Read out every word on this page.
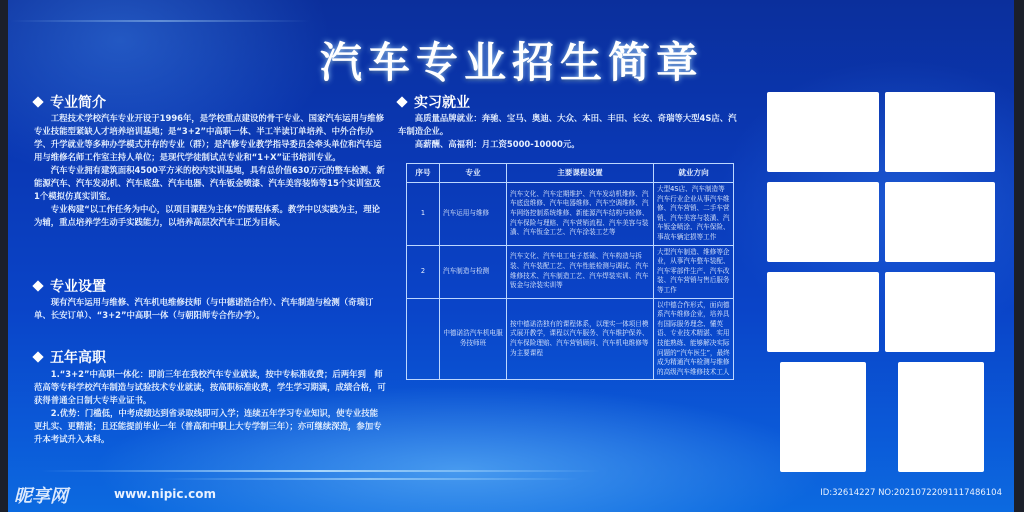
汽车专业招生简章
专业简介

工程技术学校汽车专业开设于1996年，是学校重点建设的骨干专业、国家汽车运用与维修专业技能型紧缺人才培养培训基地；是“3+2”中高职一体、半工半读订单培养、中外合作办学、升学就业等多种办学模式并存的专业（群）；是汽修专业教学指导委员会牵头单位和汽车运用与维修名师工作室主持人单位；是现代学徒制试点专业和“1+X”证书培训专业。

汽车专业拥有建筑面积4500平方米的校内实训基地，具有总价值630万元的整车检测、新能源汽车、汽车发动机、汽车底盘、汽车电器、汽车钣金喷漆、汽车美容装饰等15个实训室及1个模拟仿真实训室。

专业构建“以工作任务为中心，以项目课程为主体”的课程体系。教学中以实践为主，理论为辅，重点培养学生动手实践能力，以培养高层次汽车工匠为目标。

专业设置

现有汽车运用与维修、汽车机电维修技师（与中德诺浩合作）、汽车制造与检测（奇瑞订单、长安订单）、“3+2”中高职一体（与朝阳师专合作办学）。

五年高职

1.“3+2”中高职一体化：即前三年在我校汽车专业就读，按中专标准收费；后两年到　师范高等专科学校汽车制造与试验技术专业就读，按高职标准收费，学生学习期满，成绩合格，可获得普通全日制大专毕业证书。

2.优势：门槛低，中考成绩达到省录取线即可入学；连续五年学习专业知识，使专业技能更扎实、更精湛；且还能提前毕业一年（普高和中职上大专学制三年）；亦可继续深造，参加专升本考试升入本科。

实习就业

高质量品牌就业：奔驰、宝马、奥迪、大众、本田、丰田、长安、奇瑞等大型4S店、汽车制造企业。

高薪酬、高福利：月工资5000-10000元。

序号	专业	主要课程设置	就业方向
1	汽车运用与维修	汽车文化、汽车定期维护、汽车发动机维修、汽车底盘维修、汽车电器维修、汽车空调维修、汽车网络控制系统维修、新能源汽车结构与检修、汽车保险与理赔、汽车营销流程、汽车美容与装潢、汽车钣金工艺、汽车涂装工艺等	大型4S店、汽车制造等汽车行业企业从事汽车维修、汽车营销、二手车营销、汽车美容与装潢、汽车钣金喷涂、汽车保险、事故车辆定损等工作
2	汽车制造与检测	汽车文化、汽车电工电子基础、汽车构造与拆装、汽车装配工艺、汽车性能检测与调试、汽车维修技术、汽车制造工艺、汽车焊装实训、汽车钣金与涂装实训等	大型汽车制造、维修等企业，从事汽车整车装配、汽车零部件生产、汽车改装、汽车营销与售后服务等工作
	中德诺浩汽车机电服务技师班	按中德诺浩独有的课程体系，以理实一体项目模式展开教学，课程以汽车服务、汽车维护保养、汽车保险理赔、汽车营销顾问、汽车机电维修等为主要课程	以中德合作形式，面向德系汽车维修企业，培养具有国际服务理念、懂英语、专业技术精湛、实用技能熟练、能够解决实际问题的“汽车医生”，最终成为精通汽车检测与维修的高级汽车维修技术工人
昵享网	www.nipic.com	ID:32614227 NO:20210722091117486104
